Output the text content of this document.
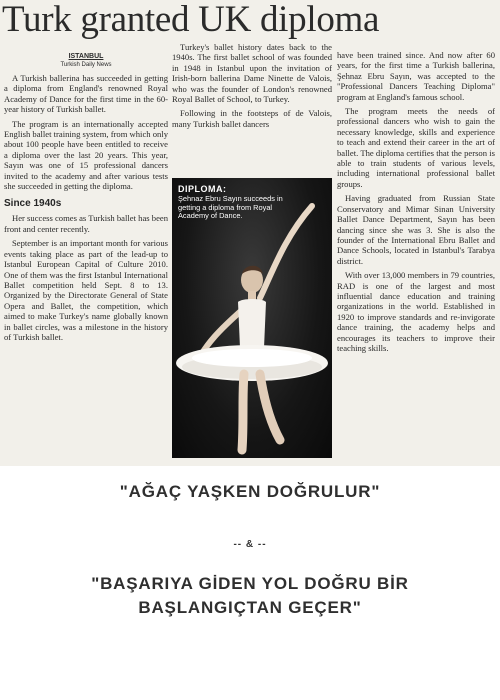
Turk granted UK diploma
ISTANBUL
Turkish Daily News

A Turkish ballerina has succeeded in getting a diploma from England's renowned Royal Academy of Dance for the first time in the 60-year history of Turkish ballet.

The program is an internationally accepted English ballet training system, from which only about 100 people have been entitled to receive a diploma over the last 20 years. This year, Sayın was one of 15 professional dancers invited to the academy and after various tests she succeeded in getting the diploma.

Since 1940s

Her success comes as Turkish ballet has been front and center recently.

September is an important month for various events taking place as part of the lead-up to Istanbul European Capital of Culture 2010. One of them was the first Istanbul International Ballet competition held Sept. 8 to 13. Organized by the Directorate General of State Opera and Ballet, the competition, which aimed to make Turkey's name globally known in ballet circles, was a milestone in the history of Turkish ballet.

Turkey's ballet history dates back to the 1940s. The first ballet school of was founded in 1948 in Istanbul upon the invitation of Irish-born ballerina Dame Ninette de Valois, who was the founder of London's renowned Royal Ballet of School, to Turkey.

Following in the footsteps of de Valois, many Turkish ballet dancers

DIPLOMA:
Şehnaz Ebru Sayın succeeds in getting a diploma from Royal Academy of Dance.

have been trained since. And now after 60 years, for the first time a Turkish ballerina, Şehnaz Ebru Sayın, was accepted to the "Professional Dancers Teaching Diploma" program at England's famous school.

The program meets the needs of professional dancers who wish to gain the necessary knowledge, skills and experience to teach and extend their career in the art of ballet. The diploma certifies that the person is able to train students of various levels, including international professional ballet groups.

Having graduated from Russian State Conservatory and Mimar Sinan University Ballet Dance Department, Sayın has been dancing since she was 3. She is also the founder of the International Ebru Ballet and Dance Schools, located in Istanbul's Tarabya district.

With over 13,000 members in 79 countries, RAD is one of the largest and most influential dance education and training organizations in the world. Established in 1920 to improve standards and re-invigorate dance training, the academy helps and encourages its teachers to improve their teaching skills.

"AĞAÇ YAŞKEN DOĞRULUR"
-- & --
"BAŞARIYA GİDEN YOL DOĞRU BİR BAŞLANGIÇTAN GEÇER"
